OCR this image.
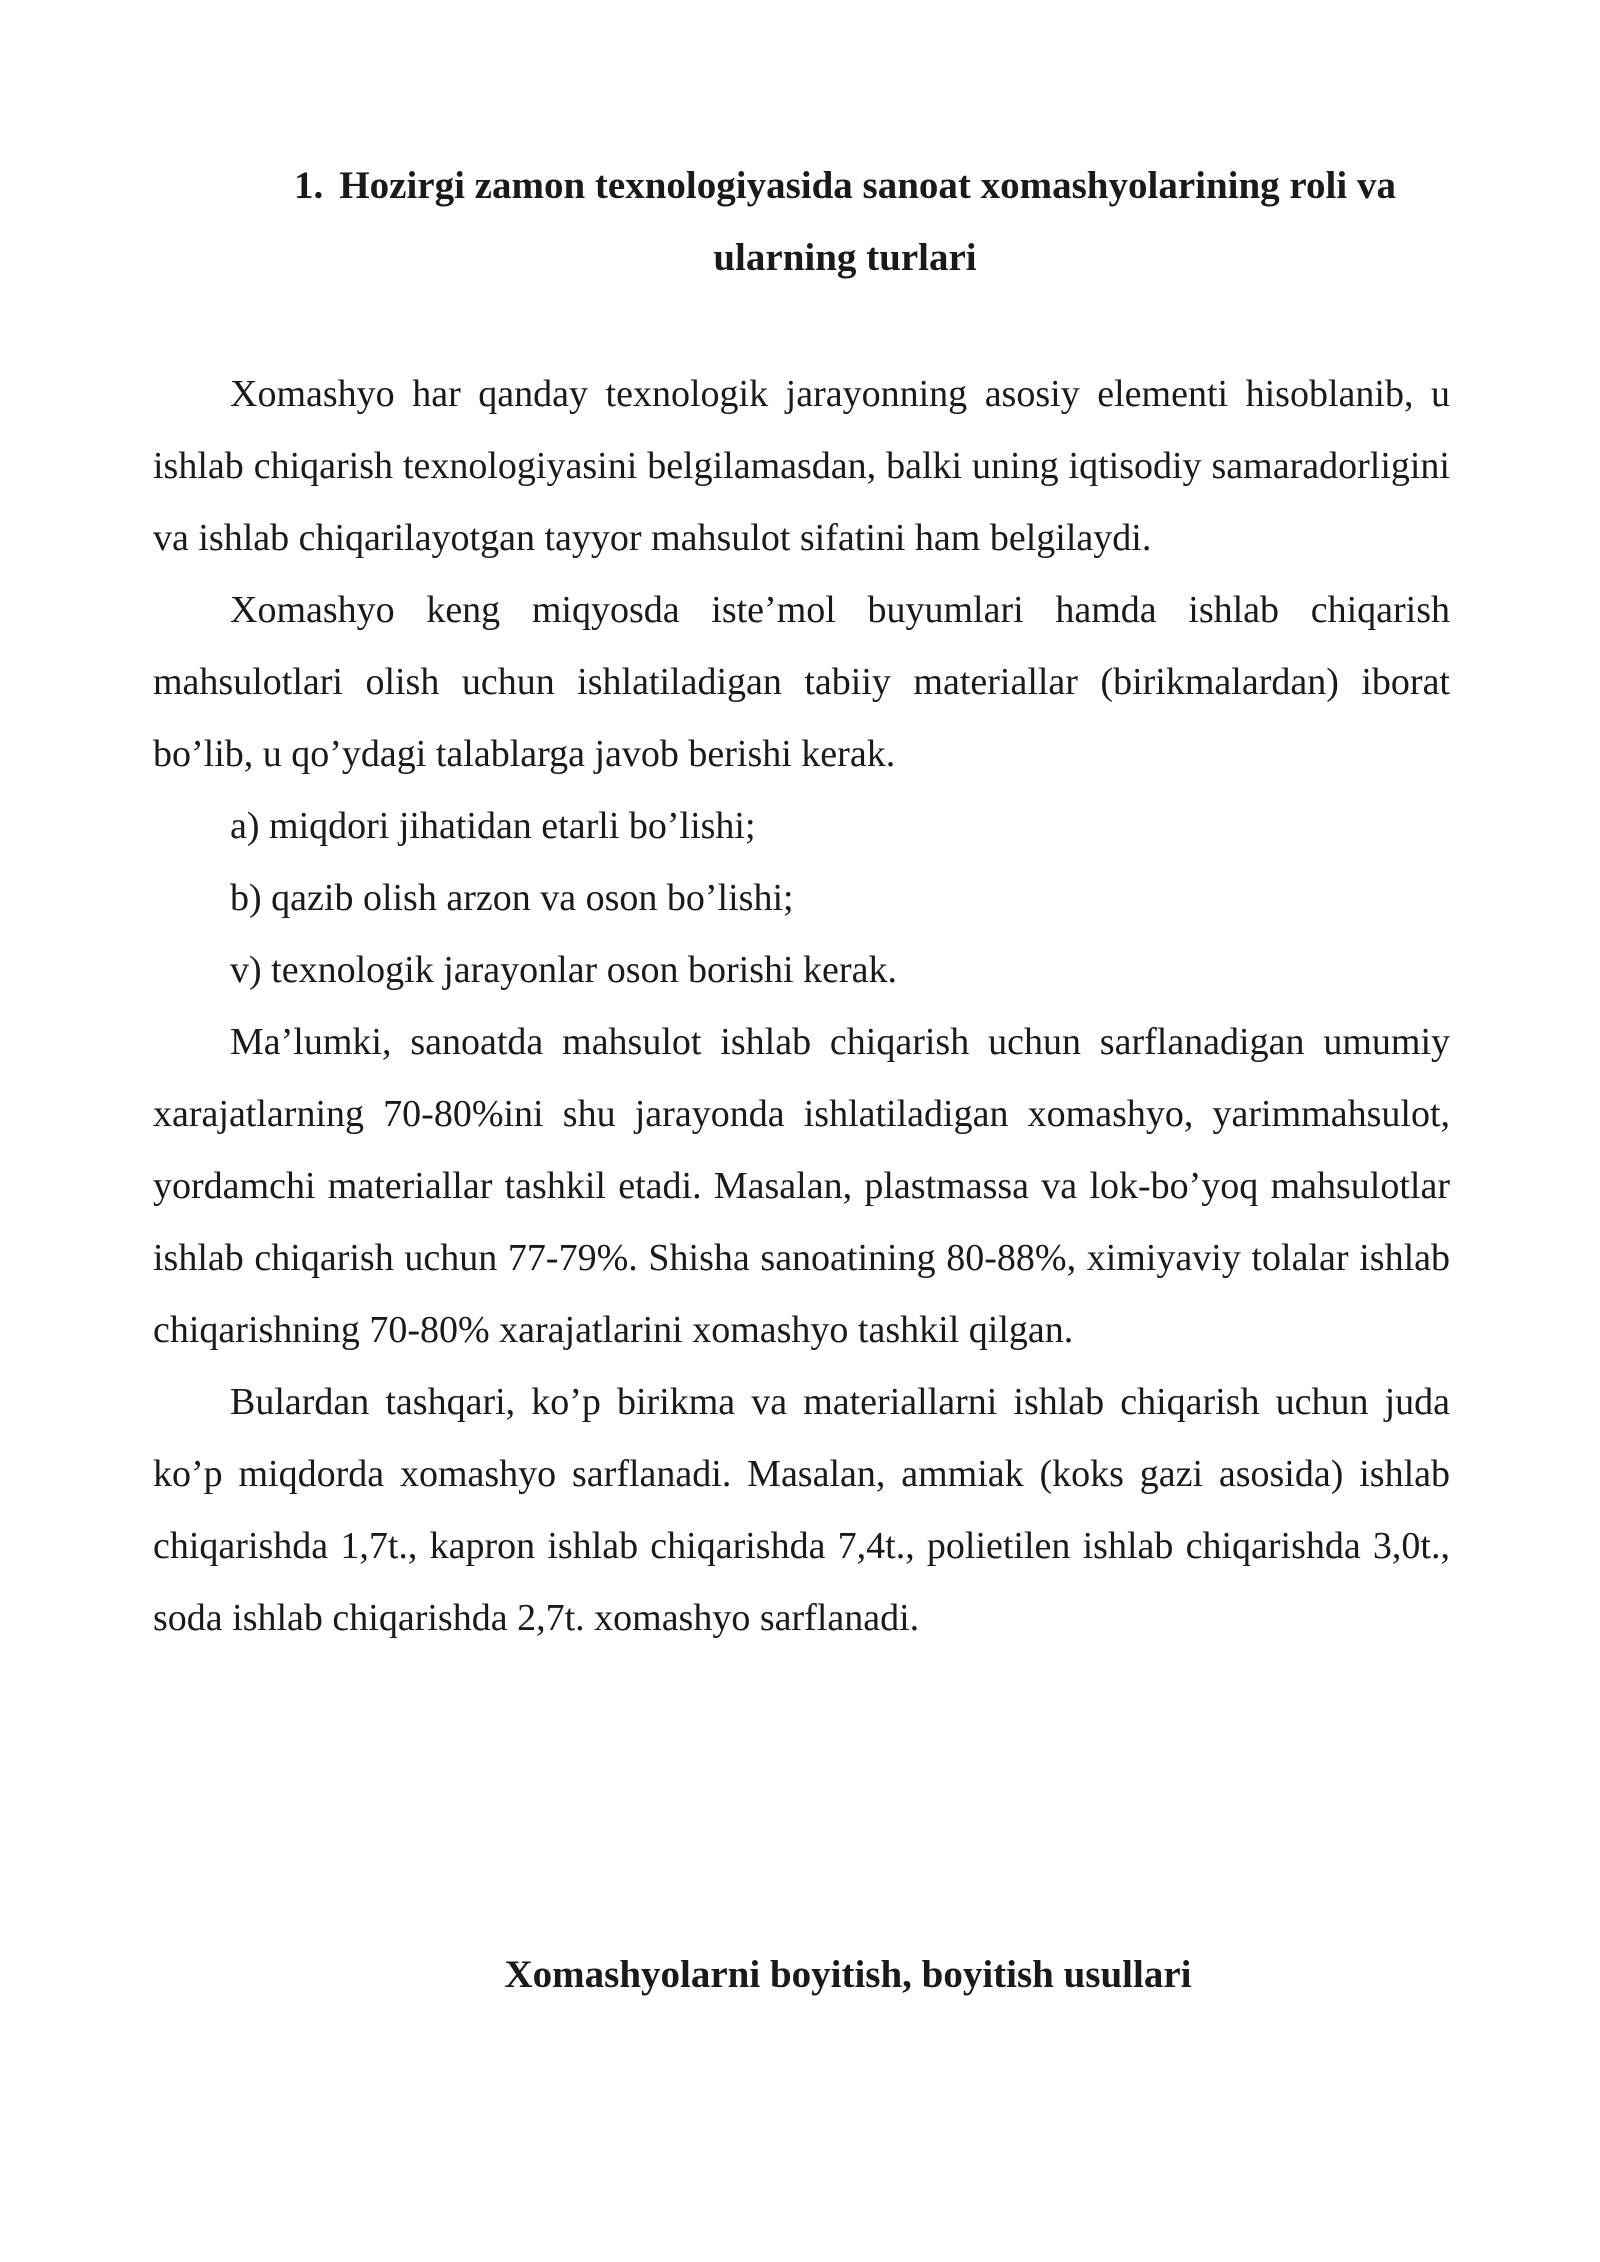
1. Hozirgi zamon texnologiyasida sanoat xomashyolarining roli va ularning turlari

Xomashyo har qanday texnologik jarayonning asosiy elementi hisoblanib, u ishlab chiqarish texnologiyasini belgilamasdan, balki uning iqtisodiy samaradorligini va ishlab chiqarilayotgan tayyor mahsulot sifatini ham belgilaydi.

Xomashyo keng miqyosda iste’mol buyumlari hamda ishlab chiqarish mahsulotlari olish uchun ishlatiladigan tabiiy materiallar (birikmalardan) iborat bo’lib, u qo’ydagi talablarga javob berishi kerak.

a) miqdori jihatidan etarli bo’lishi;

b) qazib olish arzon va oson bo’lishi;

v) texnologik jarayonlar oson borishi kerak.

Ma’lumki, sanoatda mahsulot ishlab chiqarish uchun sarflanadigan umumiy xarajatlarning 70-80%ini shu jarayonda ishlatiladigan xomashyo, yarimmahsulot, yordamchi materiallar tashkil etadi. Masalan, plastmassa va lok-bo’yoq mahsulotlar ishlab chiqarish uchun 77-79%. Shisha sanoatining 80-88%, ximiyaviy tolalar ishlab chiqarishning 70-80% xarajatlarini xomashyo tashkil qilgan.

Bulardan tashqari, ko’p birikma va materiallarni ishlab chiqarish uchun juda ko’p miqdorda xomashyo sarflanadi. Masalan, ammiak (koks gazi asosida) ishlab chiqarishda 1,7t., kapron ishlab chiqarishda 7,4t., polietilen ishlab chiqarishda 3,0t., soda ishlab chiqarishda 2,7t. xomashyo sarflanadi.

Xomashyolarni boyitish, boyitish usullari
